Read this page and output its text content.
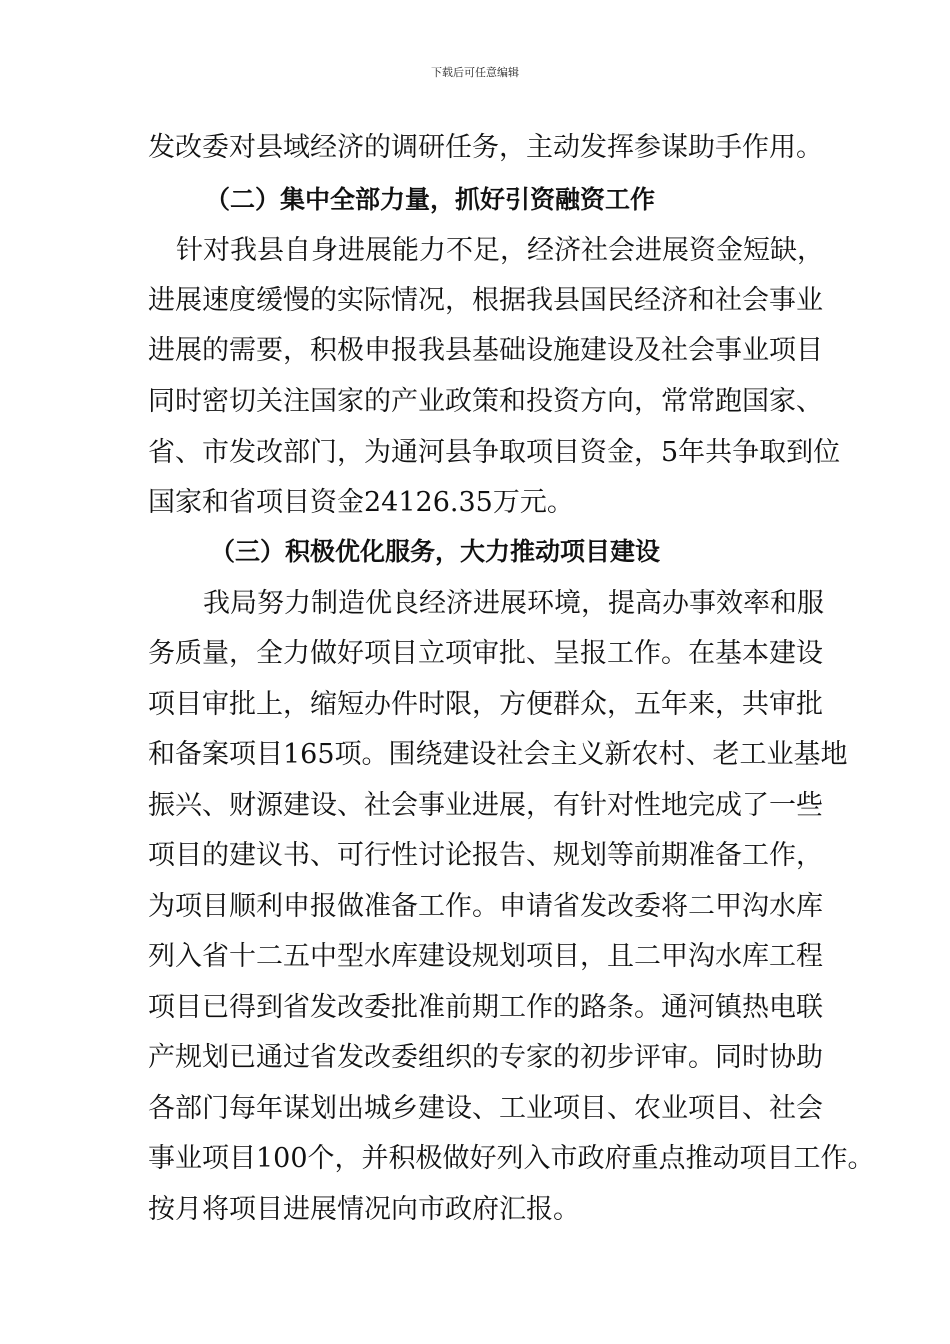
下载后可任意编辑
发改委对县域经济的调研任务，主动发挥参谋助手作用。
（二）集中全部力量，抓好引资融资工作
针对我县自身进展能力不足，经济社会进展资金短缺，
进展速度缓慢的实际情况，根据我县国民经济和社会事业
进展的需要，积极申报我县基础设施建设及社会事业项目
同时密切关注国家的产业政策和投资方向，常常跑国家、
省、市发改部门，为通河县争取项目资金，5年共争取到位
国家和省项目资金24126.35万元。
（三）积极优化服务，大力推动项目建设
我局努力制造优良经济进展环境，提高办事效率和服
务质量，全力做好项目立项审批、呈报工作。在基本建设
项目审批上，缩短办件时限，方便群众，五年来，共审批
和备案项目165项。围绕建设社会主义新农村、老工业基地
振兴、财源建设、社会事业进展，有针对性地完成了一些
项目的建议书、可行性讨论报告、规划等前期准备工作，
为项目顺利申报做准备工作。申请省发改委将二甲沟水库
列入省十二五中型水库建设规划项目，且二甲沟水库工程
项目已得到省发改委批准前期工作的路条。通河镇热电联
产规划已通过省发改委组织的专家的初步评审。同时协助
各部门每年谋划出城乡建设、工业项目、农业项目、社会
事业项目100个，并积极做好列入市政府重点推动项目工作。
按月将项目进展情况向市政府汇报。
